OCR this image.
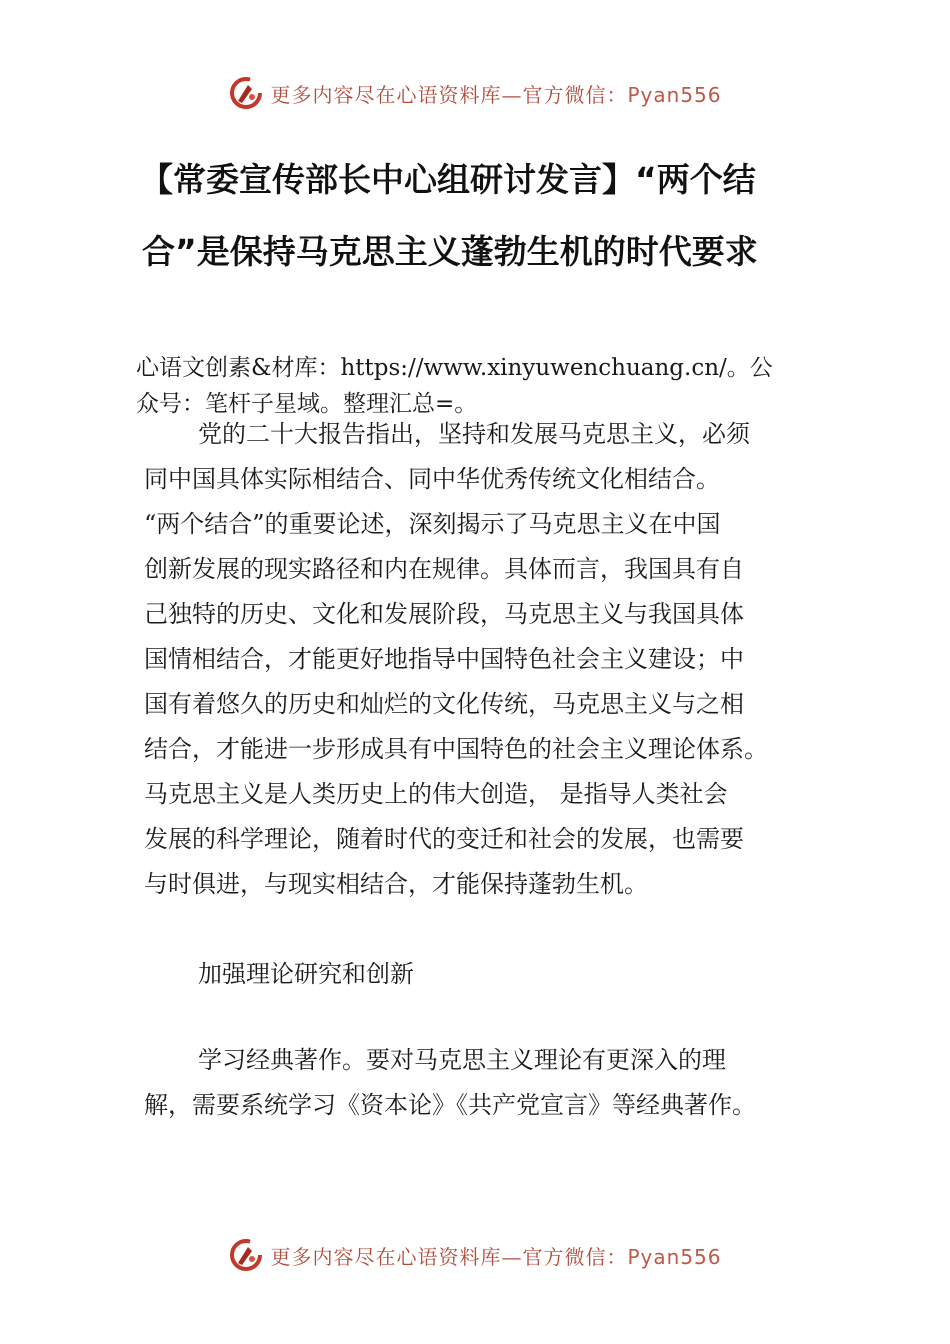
更多内容尽在心语资料库—官方微信：Pyan556
【常委宣传部长中心组研讨发言】“两个结
合”是保持马克思主义蓬勃生机的时代要求
心语文创素&材库：https://www.xinyuwenchuang.cn/。公
众号：笔杆子星域。整理汇总=。
党的二十大报告指出，坚持和发展马克思主义，必须
同中国具体实际相结合、同中华优秀传统文化相结合。
“两个结合”的重要论述，深刻揭示了马克思主义在中国
创新发展的现实路径和内在规律。具体而言，我国具有自
己独特的历史、文化和发展阶段，马克思主义与我国具体
国情相结合，才能更好地指导中国特色社会主义建设；中
国有着悠久的历史和灿烂的文化传统，马克思主义与之相
结合，才能进一步形成具有中国特色的社会主义理论体系。
马克思主义是人类历史上的伟大创造， 是指导人类社会
发展的科学理论，随着时代的变迁和社会的发展，也需要
与时俱进，与现实相结合，才能保持蓬勃生机。
加强理论研究和创新
学习经典著作。要对马克思主义理论有更深入的理
解，需要系统学习《资本论》《共产党宣言》等经典著作。
更多内容尽在心语资料库—官方微信：Pyan556
